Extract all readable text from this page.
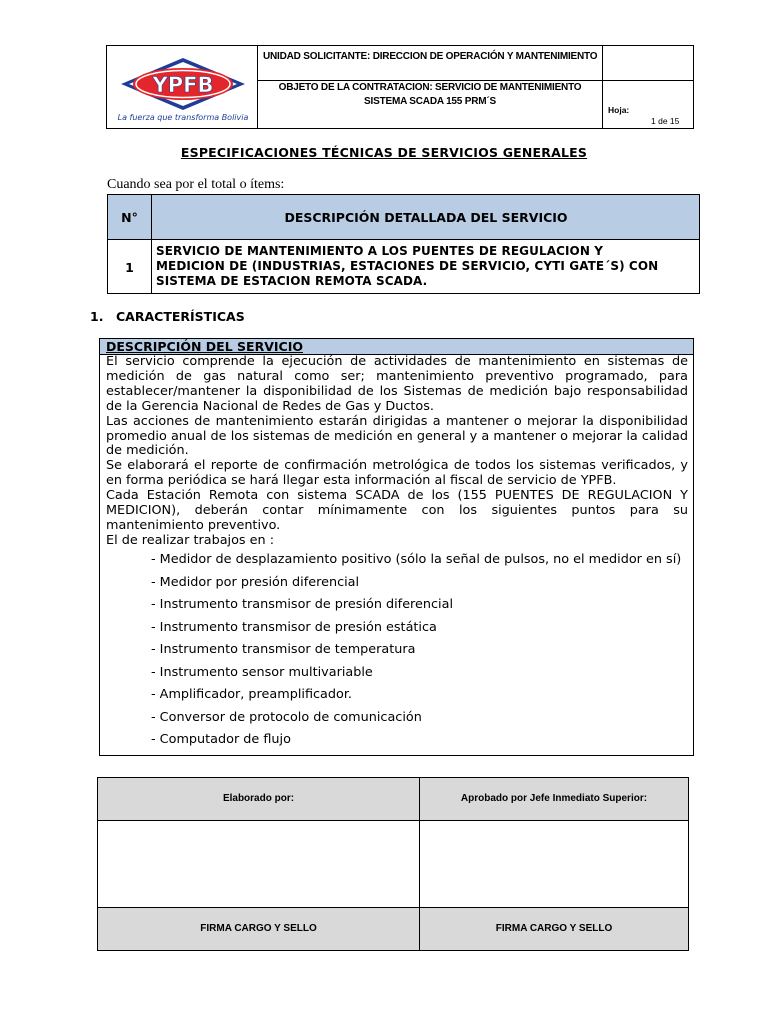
YPFB
La fuerza que transforma Bolivia
UNIDAD SOLICITANTE: DIRECCION DE OPERACIÓN Y MANTENIMIENTO
OBJETO DE LA CONTRATACION: SERVICIO DE MANTENIMIENTO
SISTEMA SCADA 155 PRM´S
Hoja:
1 de 15
ESPECIFICACIONES TÉCNICAS DE SERVICIOS GENERALES
Cuando sea por el total o ítems:
N°	DESCRIPCIÓN DETALLADA DEL SERVICIO
1
SERVICIO DE MANTENIMIENTO A LOS PUENTES DE REGULACION Y
MEDICION DE (INDUSTRIAS, ESTACIONES DE SERVICIO, CYTI GATE´S) CON
SISTEMA DE ESTACION REMOTA SCADA.
1. CARACTERÍSTICAS
DESCRIPCIÓN DEL SERVICIO

El servicio comprende la ejecución de actividades de mantenimiento en sistemas de medición de gas natural como ser; mantenimiento preventivo programado, para establecer/mantener la disponibilidad de los Sistemas de medición bajo responsabilidad de la Gerencia Nacional de Redes de Gas y Ductos.

Las acciones de mantenimiento estarán dirigidas a mantener o mejorar la disponibilidad promedio anual de los sistemas de medición en general y a mantener o mejorar la calidad de medición.

Se elaborará el reporte de confirmación metrológica de todos los sistemas verificados, y en forma periódica se hará llegar esta información al fiscal de servicio de YPFB.

Cada Estación Remota con sistema SCADA de los (155 PUENTES DE REGULACION Y MEDICION), deberán contar mínimamente con los siguientes puntos para su mantenimiento preventivo.

El de realizar trabajos en :

- Medidor de desplazamiento positivo (sólo la señal de pulsos, no el medidor en sí)
- Medidor por presión diferencial
- Instrumento transmisor de presión diferencial
- Instrumento transmisor de presión estática
- Instrumento transmisor de temperatura
- Instrumento sensor multivariable
- Amplificador, preamplificador.
- Conversor de protocolo de comunicación
- Computador de flujo
Elaborado por:	Aprobado por Jefe Inmediato Superior:
FIRMA CARGO Y SELLO	FIRMA CARGO Y SELLO
